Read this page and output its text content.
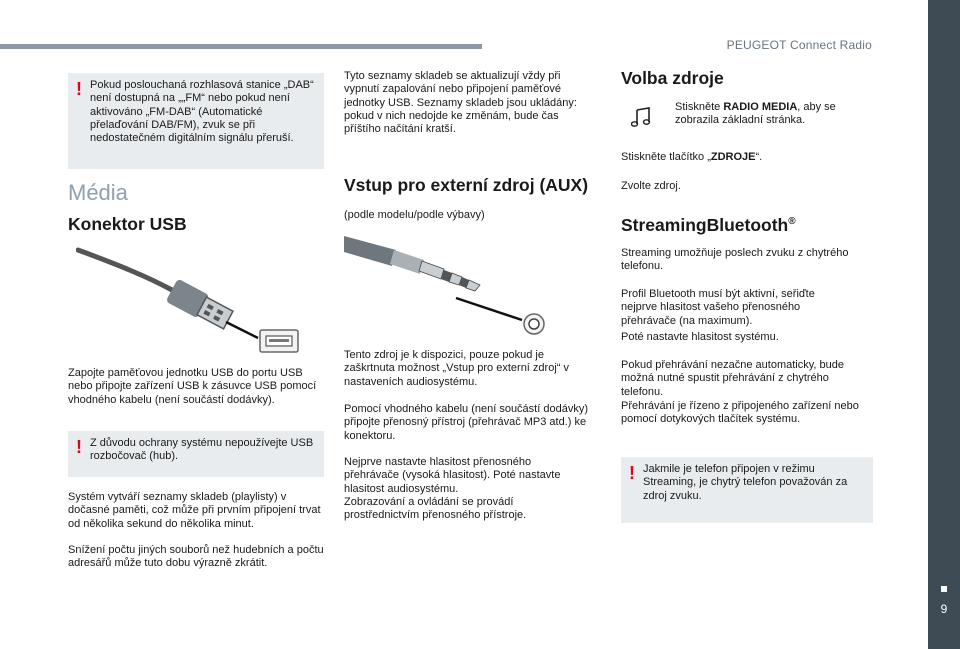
PEUGEOT Connect Radio
9
! Pokud poslouchaná rozhlasová stanice „DAB“ není dostupná na „„FM“ nebo pokud není aktivováno „FM-DAB“ (Automatické přelaďování DAB/FM), zvuk se při nedostatečném digitálním signálu přeruší.

Média
Konektor USB

Zapojte paměťovou jednotku USB do portu USB nebo připojte zařízení USB k zásuvce USB pomocí vhodného kabelu (není součástí dodávky).

! Z důvodu ochrany systému nepoužívejte USB rozbočovač (hub).

Systém vytváří seznamy skladeb (playlisty) v dočasné paměti, což může při prvním připojení trvat od několika sekund do několika minut.

Snížení počtu jiných souborů než hudebních a počtu adresářů může tuto dobu výrazně zkrátit.

Tyto seznamy skladeb se aktualizují vždy při vypnutí zapalování nebo připojení paměťové jednotky USB. Seznamy skladeb jsou ukládány: pokud v nich nedojde ke změnám, bude čas příštího načítání kratší.

Vstup pro externí zdroj (AUX)

(podle modelu/podle výbavy)

Tento zdroj je k dispozici, pouze pokud je zaškrtnuta možnost „Vstup pro externí zdroj“ v nastaveních audiosystému.

Pomocí vhodného kabelu (není součástí dodávky) připojte přenosný přístroj (přehrávač MP3 atd.) ke konektoru.

Nejprve nastavte hlasitost přenosného přehrávače (vysoká hlasitost). Poté nastavte hlasitost audiosystému.

Zobrazování a ovládání se provádí prostřednictvím přenosného přístroje.

Volba zdroje

Stiskněte RADIO MEDIA, aby se zobrazila základní stránka.

Stiskněte tlačítko „ZDROJE“.

Zvolte zdroj.

StreamingBluetooth®

Streaming umožňuje poslech zvuku z chytrého telefonu.

Profil Bluetooth musí být aktivní, seřiďte nejprve hlasitost vašeho přenosného přehrávače (na maximum).

Poté nastavte hlasitost systému.

Pokud přehrávání nezačne automaticky, bude možná nutné spustit přehrávání z chytrého telefonu.

Přehrávání je řízeno z připojeného zařízení nebo pomocí dotykových tlačítek systému.

! Jakmile je telefon připojen v režimu Streaming, je chytrý telefon považován za zdroj zvuku.
